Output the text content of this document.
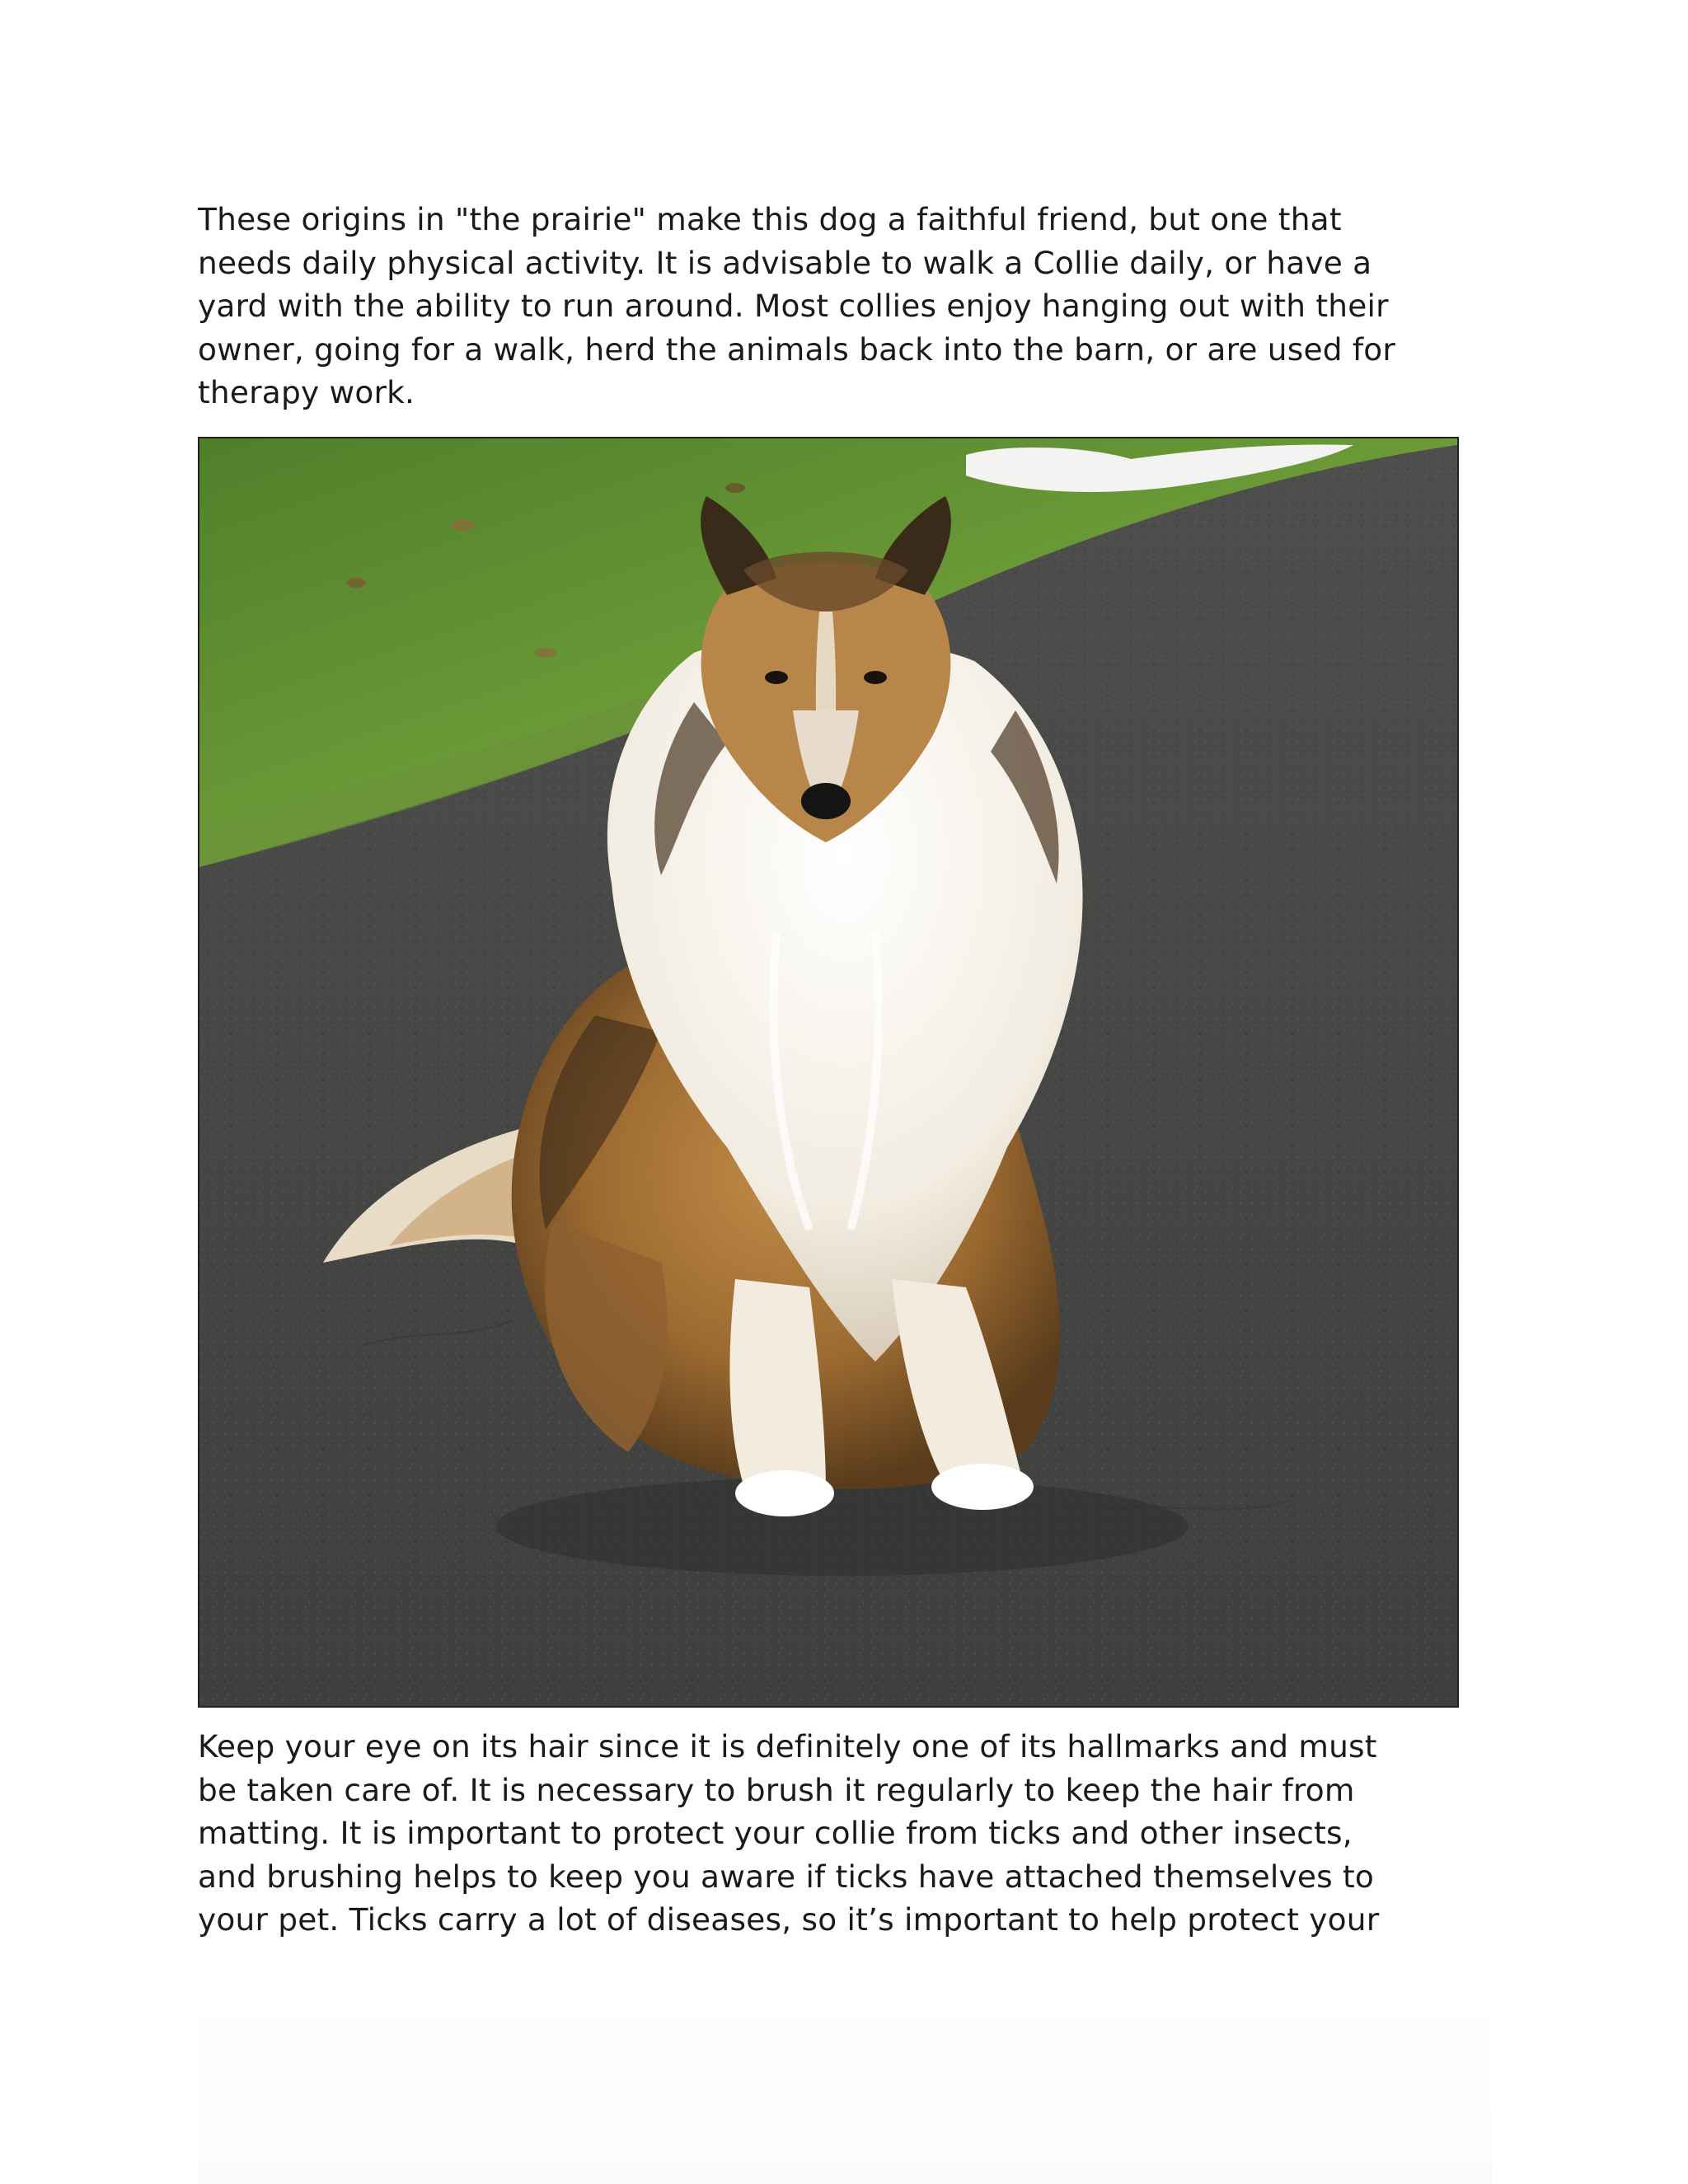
These origins in "the prairie" make this dog a faithful friend, but one that
needs daily physical activity. It is advisable to walk a Collie daily, or have a
yard with the ability to run around. Most collies enjoy hanging out with their
owner, going for a walk, herd the animals back into the barn, or are used for
therapy work.

Keep your eye on its hair since it is definitely one of its hallmarks and must
be taken care of. It is necessary to brush it regularly to keep the hair from
matting. It is important to protect your collie from ticks and other insects,
and brushing helps to keep you aware if ticks have attached themselves to
your pet. Ticks carry a lot of diseases, so it’s important to help protect your
